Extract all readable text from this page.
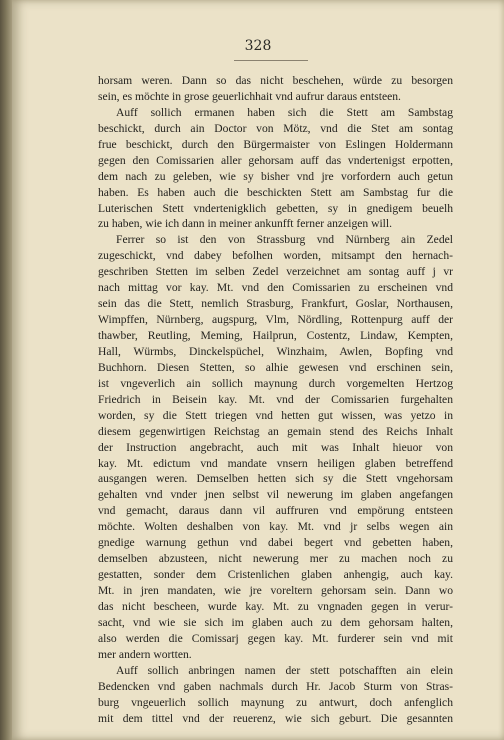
328
horsam weren. Dann so das nicht beschehen, würde zu besorgen
sein, es möchte in grose geuerlichhait vnd aufrur daraus entsteen.
Auff sollich ermanen haben sich die Stett am Sambstag
beschickt, durch ain Doctor von Mötz, vnd die Stet am sontag
frue beschickt, durch den Bürgermaister von Eslingen Holdermann
gegen den Comissarien aller gehorsam auff das vndertenigst erpotten,
dem nach zu geleben, wie sy bisher vnd jre vorfordern auch getun
haben. Es haben auch die beschickten Stett am Sambstag fur die
Luterischen Stett vndertenigklich gebetten, sy in gnedigem beuelh
zu haben, wie ich dann in meiner ankunfft ferner anzeigen will.
Ferrer so ist den von Strassburg vnd Nürnberg ain Zedel
zugeschickt, vnd dabey befolhen worden, mitsampt den hernach-
geschriben Stetten im selben Zedel verzeichnet am sontag auff j vr
nach mittag vor kay. Mt. vnd den Comissarien zu erscheinen vnd
sein das die Stett, nemlich Strasburg, Frankfurt, Goslar, Northausen,
Wimpffen, Nürnberg, augspurg, Vlm, Nördling, Rottenpurg auff der
thawber, Reutling, Meming, Hailprun, Costentz, Lindaw, Kempten,
Hall, Würmbs, Dinckelspüchel, Winzhaim, Awlen, Bopfing vnd
Buchhorn. Diesen Stetten, so alhie gewesen vnd erschinen sein,
ist vngeverlich ain sollich maynung durch vorgemelten Hertzog
Friedrich in Beisein kay. Mt. vnd der Comissarien furgehalten
worden, sy die Stett triegen vnd hetten gut wissen, was yetzo in
diesem gegenwirtigen Reichstag an gemain stend des Reichs Inhalt
der Instruction angebracht, auch mit was Inhalt hieuor von
kay. Mt. edictum vnd mandate vnsern heiligen glaben betreffend
ausgangen weren. Demselben hetten sich sy die Stett vngehorsam
gehalten vnd vnder jnen selbst vil newerung im glaben angefangen
vnd gemacht, daraus dann vil auffruren vnd empörung entsteen
möchte. Wolten deshalben von kay. Mt. vnd jr selbs wegen ain
gnedige warnung gethun vnd dabei begert vnd gebetten haben,
demselben abzusteen, nicht newerung mer zu machen noch zu
gestatten, sonder dem Cristenlichen glaben anhengig, auch kay.
Mt. in jren mandaten, wie jre voreltern gehorsam sein. Dann wo
das nicht bescheen, wurde kay. Mt. zu vngnaden gegen in verur-
sacht, vnd wie sie sich im glaben auch zu dem gehorsam halten,
also werden die Comissarj gegen kay. Mt. furderer sein vnd mit
mer andern wortten.
Auff sollich anbringen namen der stett potschafften ain elein
Bedencken vnd gaben nachmals durch Hr. Jacob Sturm von Stras-
burg vngeuerlich sollich maynung zu antwurt, doch anfenglich
mit dem tittel vnd der reuerenz, wie sich geburt. Die gesannten
